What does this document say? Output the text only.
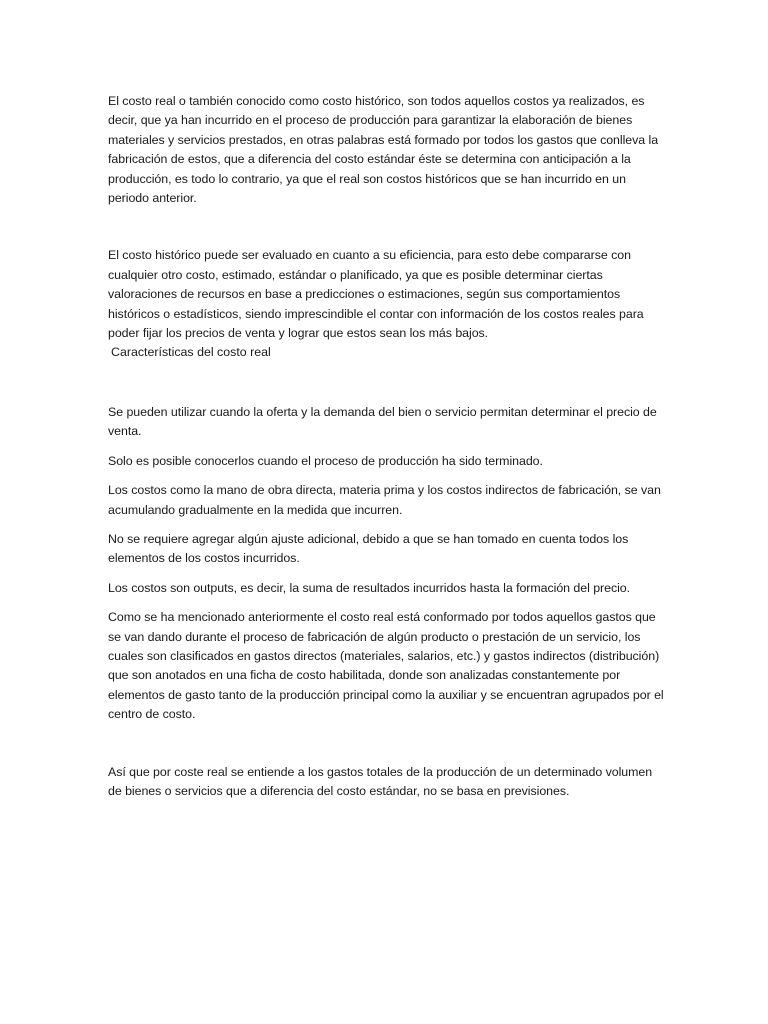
El costo real o también conocido como costo histórico, son todos aquellos costos ya realizados, es decir, que ya han incurrido en el proceso de producción para garantizar la elaboración de bienes materiales y servicios prestados, en otras palabras está formado por todos los gastos que conlleva la fabricación de estos, que a diferencia del costo estándar éste se determina con anticipación a la producción, es todo lo contrario, ya que el real son costos históricos que se han incurrido en un periodo anterior.

El costo histórico puede ser evaluado en cuanto a su eficiencia, para esto debe compararse con cualquier otro costo, estimado, estándar o planificado, ya que es posible determinar ciertas valoraciones de recursos en base a predicciones o estimaciones, según sus comportamientos históricos o estadísticos, siendo imprescindible el contar con información de los costos reales para poder fijar los precios de venta y lograr que estos sean los más bajos.

Características del costo real

Se pueden utilizar cuando la oferta y la demanda del bien o servicio permitan determinar el precio de venta.

Solo es posible conocerlos cuando el proceso de producción ha sido terminado.

Los costos como la mano de obra directa, materia prima y los costos indirectos de fabricación, se van acumulando gradualmente en la medida que incurren.

No se requiere agregar algún ajuste adicional, debido a que se han tomado en cuenta todos los elementos de los costos incurridos.

Los costos son outputs, es decir, la suma de resultados incurridos hasta la formación del precio.

Como se ha mencionado anteriormente el costo real está conformado por todos aquellos gastos que se van dando durante el proceso de fabricación de algún producto o prestación de un servicio, los cuales son clasificados en gastos directos (materiales, salarios, etc.) y gastos indirectos (distribución) que son anotados en una ficha de costo habilitada, donde son analizadas constantemente por elementos de gasto tanto de la producción principal como la auxiliar y se encuentran agrupados por el centro de costo.

Así que por coste real se entiende a los gastos totales de la producción de un determinado volumen de bienes o servicios que a diferencia del costo estándar, no se basa en previsiones.
